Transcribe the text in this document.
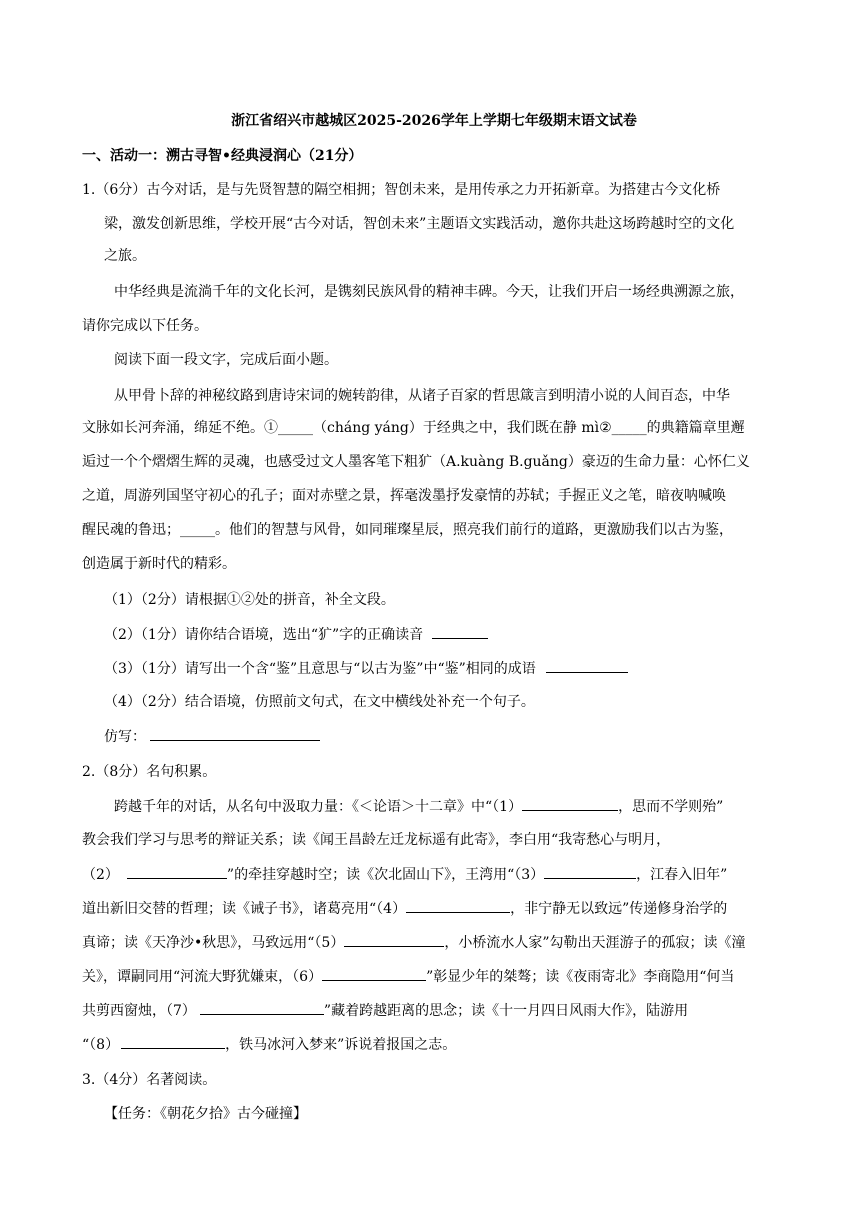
浙江省绍兴市越城区2025-2026学年上学期七年级期末语文试卷
一、活动一：溯古寻智•经典浸润心（21分）
1.（6分）古今对话，是与先贤智慧的隔空相拥；智创未来，是用传承之力开拓新章。为搭建古今文化桥
梁，激发创新思维，学校开展“古今对话，智创未来”主题语文实践活动，邀你共赴这场跨越时空的文化
之旅。
中华经典是流淌千年的文化长河，是镌刻民族风骨的精神丰碑。今天，让我们开启一场经典溯源之旅，
请你完成以下任务。
阅读下面一段文字，完成后面小题。
从甲骨卜辞的神秘纹路到唐诗宋词的婉转韵律，从诸子百家的哲思箴言到明清小说的人间百态，中华
文脉如长河奔涌，绵延不绝。①_____（cháng yáng）于经典之中，我们既在静 mì②_____的典籍篇章里邂
逅过一个个熠熠生辉的灵魂，也感受过文人墨客笔下粗犷（A.kuàng B.guǎng）豪迈的生命力量：心怀仁义
之道，周游列国坚守初心的孔子；面对赤壁之景，挥毫泼墨抒发豪情的苏轼；手握正义之笔，暗夜呐喊唤
醒民魂的鲁迅；_____。他们的智慧与风骨，如同璀璨星辰，照亮我们前行的道路，更激励我们以古为鉴，
创造属于新时代的精彩。
（1）（2分）请根据①②处的拼音，补全文段。
（2）（1分）请你结合语境，选出“犷”字的正确读音
（3）（1分）请写出一个含“鉴”且意思与“以古为鉴”中“鉴”相同的成语
（4）（2分）结合语境，仿照前文句式，在文中横线处补充一个句子。
仿写：
2.（8分）名句积累。
跨越千年的对话，从名句中汲取力量：《＜论语＞十二章》中“（1）	，思而不学则殆”
教会我们学习与思考的辩证关系；读《闻王昌龄左迁龙标遥有此寄》，李白用“我寄愁心与明月，
（2）	”的牵挂穿越时空；读《次北固山下》，王湾用“（3）	，江春入旧年”
道出新旧交替的哲理；读《诫子书》，诸葛亮用“（4）	，非宁静无以致远”传递修身治学的
真谛；读《天净沙•秋思》，马致远用“（5）	，小桥流水人家”勾勒出天涯游子的孤寂；读《潼
关》，谭嗣同用“河流大野犹嫌束，（6）	”彰显少年的桀骜；读《夜雨寄北》李商隐用“何当
共剪西窗烛，（7）	”藏着跨越距离的思念；读《十一月四日风雨大作》，陆游用
“（8）	，铁马冰河入梦来”诉说着报国之志。
3.（4分）名著阅读。
【任务：《朝花夕拾》古今碰撞】
